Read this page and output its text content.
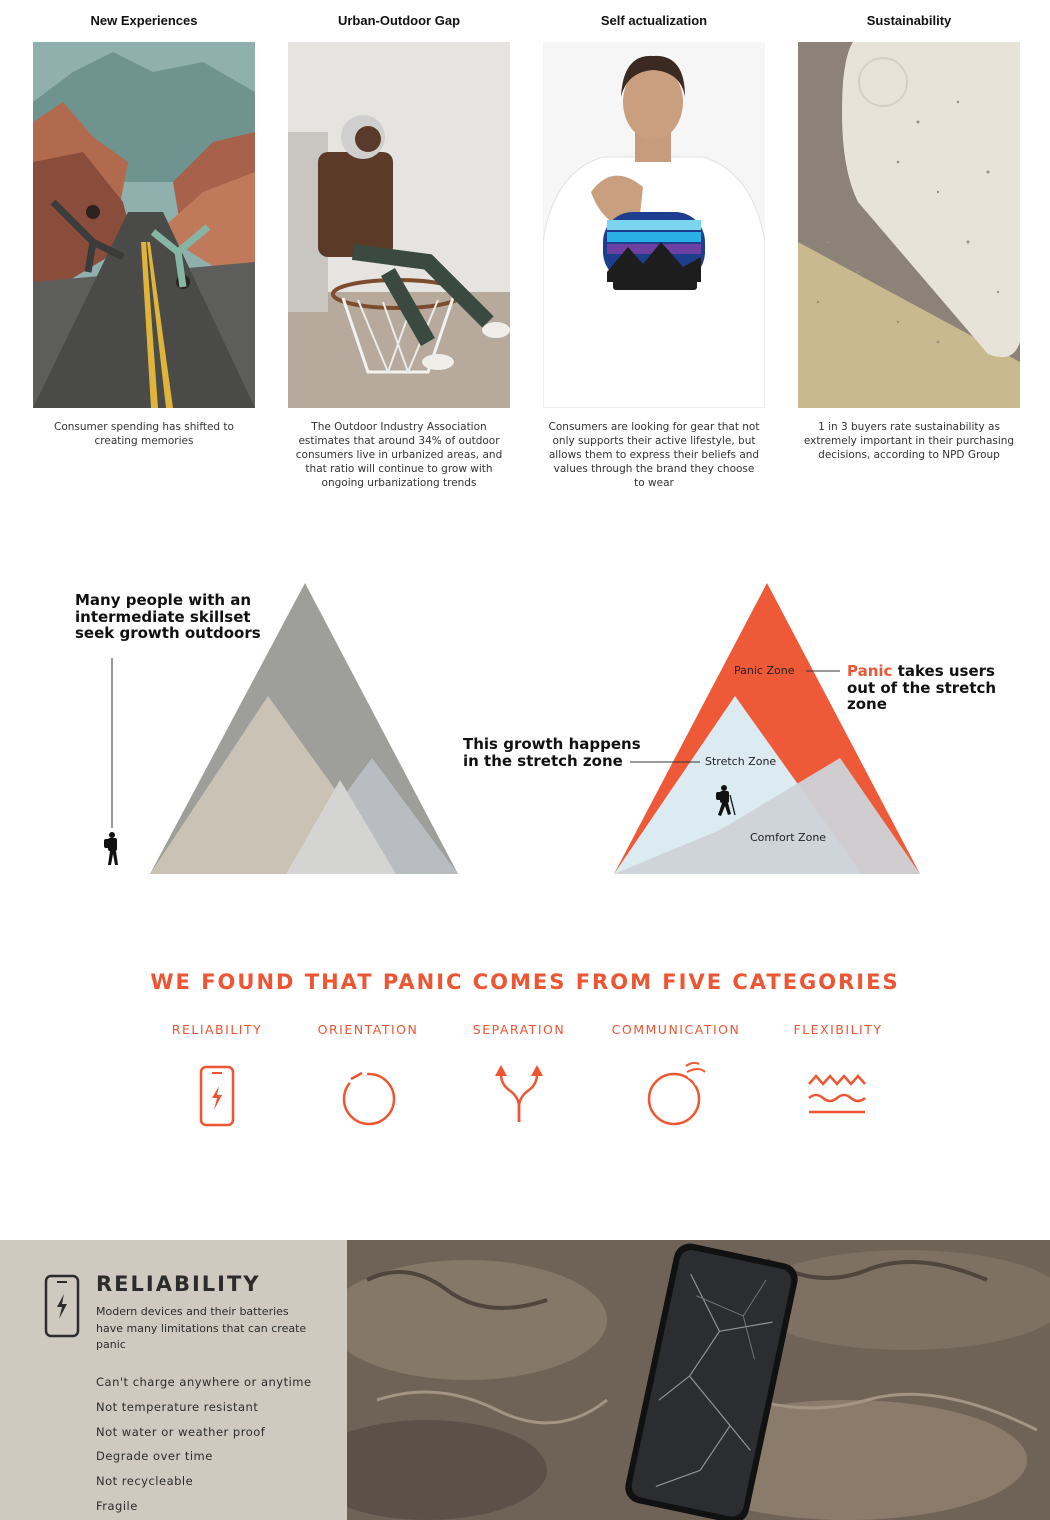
New Experiences
Consumer spending has shifted to creating memories
Urban-Outdoor Gap
The Outdoor Industry Association estimates that around 34% of outdoor consumers live in urbanized areas, and that ratio will continue to grow with ongoing urbanizationg trends
Self actualization
Consumers are looking for gear that not only supports their active lifestyle, but allows them to express their beliefs and values through the brand they choose to wear
Sustainability
1 in 3 buyers rate sustainability as extremely important in their purchasing decisions, according to NPD Group
Many people with an intermediate skillset seek growth outdoors
This growth happens in the stretch zone
Panic takes users out of the stretch zone
Panic Zone
Stretch Zone
Comfort Zone
WE FOUND THAT PANIC COMES FROM FIVE CATEGORIES
RELIABILITY	ORIENTATION	SEPARATION	COMMUNICATION	FLEXIBILITY
RELIABILITY
Modern devices and their batteries have many limitations that can create panic
Can't charge anywhere or anytime
Not temperature resistant
Not water or weather proof
Degrade over time
Not recycleable
Fragile
